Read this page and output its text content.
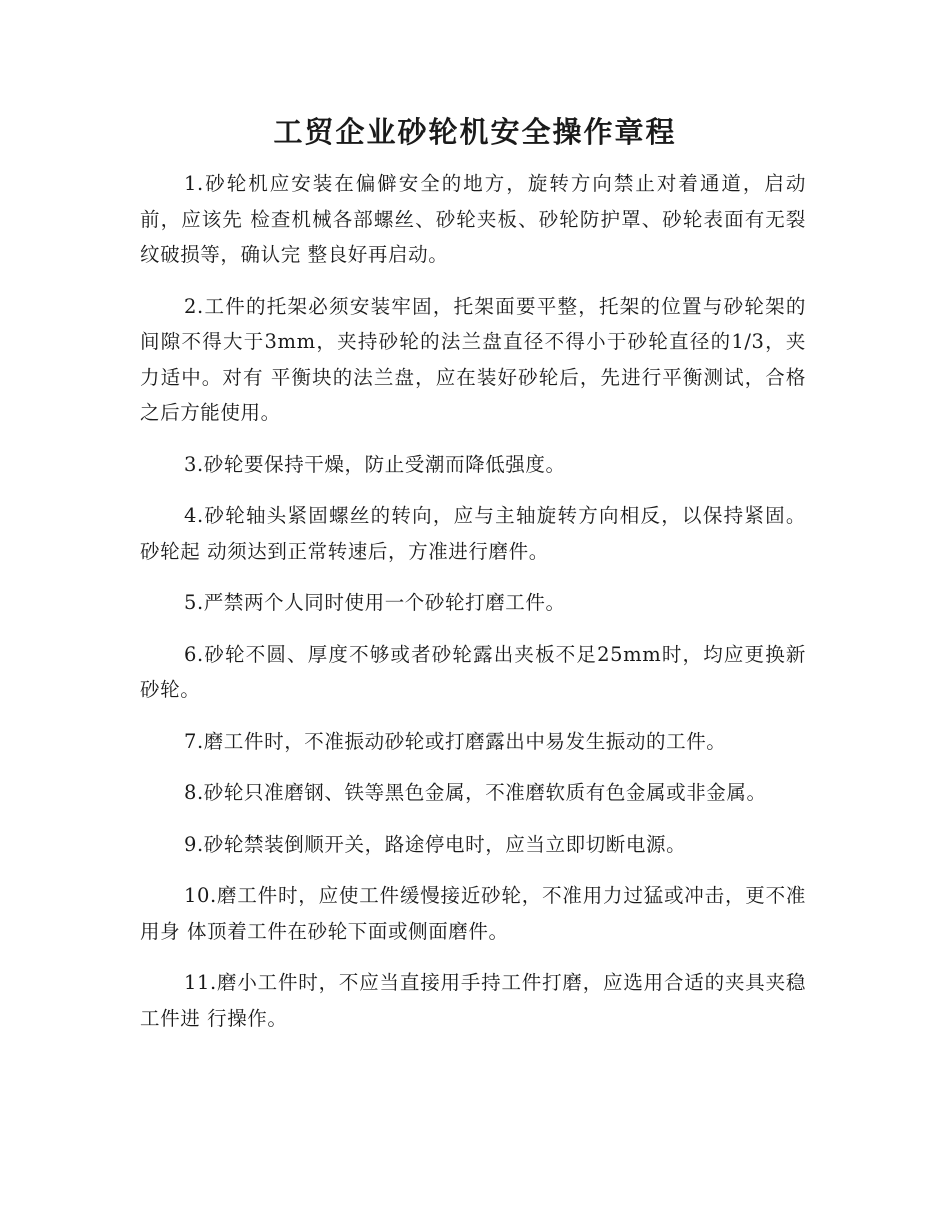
工贸企业砂轮机安全操作章程

1.砂轮机应安装在偏僻安全的地方，旋转方向禁止对着通道，启动前，应该先 检查机械各部螺丝、砂轮夹板、砂轮防护罩、砂轮表面有无裂纹破损等，确认完 整良好再启动。

2.工件的托架必须安装牢固，托架面要平整，托架的位置与砂轮架的间隙不得大于3mm，夹持砂轮的法兰盘直径不得小于砂轮直径的1/3，夹力适中。对有 平衡块的法兰盘，应在装好砂轮后，先进行平衡测试，合格之后方能使用。

3.砂轮要保持干燥，防止受潮而降低强度。

4.砂轮轴头紧固螺丝的转向，应与主轴旋转方向相反，以保持紧固。砂轮起 动须达到正常转速后，方准进行磨件。

5.严禁两个人同时使用一个砂轮打磨工件。

6.砂轮不圆、厚度不够或者砂轮露出夹板不足25mm时，均应更换新砂轮。

7.磨工件时，不准振动砂轮或打磨露出中易发生振动的工件。

8.砂轮只准磨钢、铁等黑色金属，不准磨软质有色金属或非金属。

9.砂轮禁装倒顺开关，路途停电时，应当立即切断电源。

10.磨工件时，应使工件缓慢接近砂轮，不准用力过猛或冲击，更不准用身 体顶着工件在砂轮下面或侧面磨件。

11.磨小工件时，不应当直接用手持工件打磨，应选用合适的夹具夹稳工件进 行操作。
